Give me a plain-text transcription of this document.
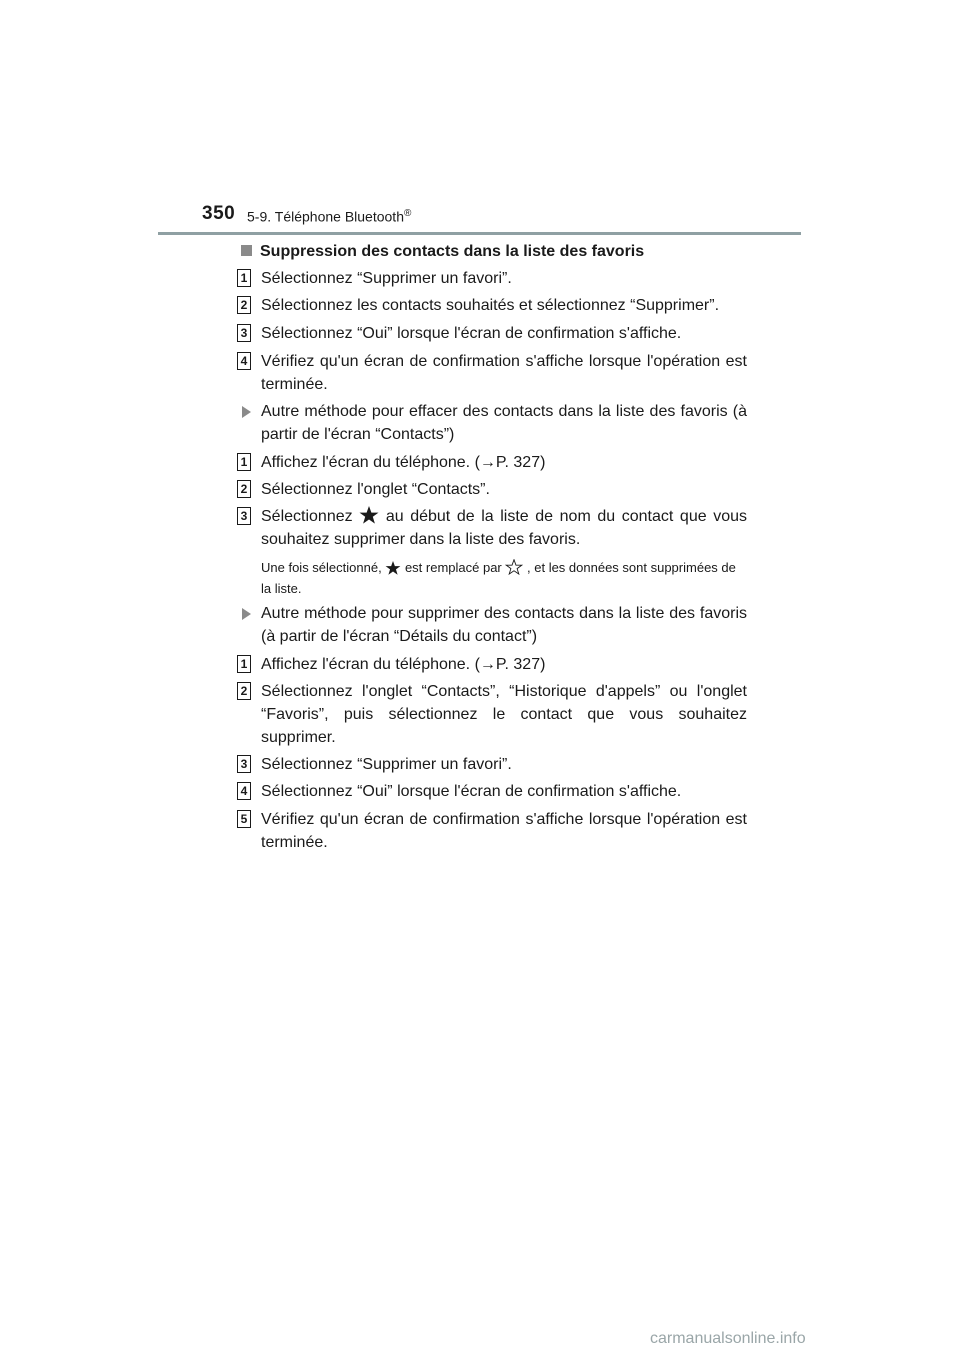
350 5-9. Téléphone Bluetooth®
Suppression des contacts dans la liste des favoris
1 Sélectionnez “Supprimer un favori”.
2 Sélectionnez les contacts souhaités et sélectionnez “Supprimer”.
3 Sélectionnez “Oui” lorsque l'écran de confirmation s'affiche.
4 Vérifiez qu'un écran de confirmation s'affiche lorsque l'opération est terminée.
Autre méthode pour effacer des contacts dans la liste des favoris (à partir de l'écran “Contacts”)
1 Affichez l'écran du téléphone. (→P. 327)
2 Sélectionnez l'onglet “Contacts”.
3 Sélectionnez au début de la liste de nom du contact que vous souhaitez supprimer dans la liste des favoris.
Une fois sélectionné, est remplacé par , et les données sont supprimées de la liste.
Autre méthode pour supprimer des contacts dans la liste des favoris (à partir de l'écran “Détails du contact”)
1 Affichez l'écran du téléphone. (→P. 327)
2 Sélectionnez l'onglet “Contacts”, “Historique d'appels” ou l'onglet “Favoris”, puis sélectionnez le contact que vous souhaitez supprimer.
3 Sélectionnez “Supprimer un favori”.
4 Sélectionnez “Oui” lorsque l'écran de confirmation s'affiche.
5 Vérifiez qu'un écran de confirmation s'affiche lorsque l'opération est terminée.
carmanualsonline.info
